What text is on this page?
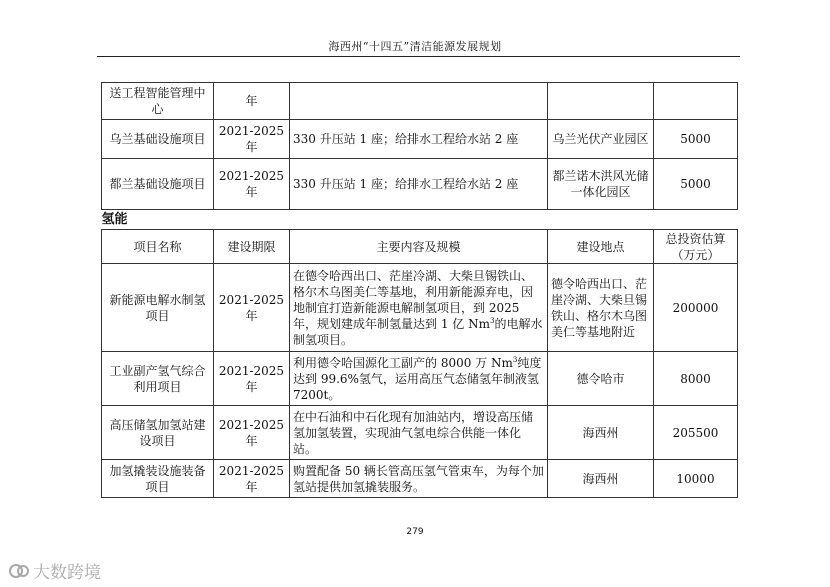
海西州“十四五”清洁能源发展规划
送工程智能管理中心	年			
乌兰基础设施项目	2021-2025年	330 升压站 1 座；给排水工程给水站 2 座	乌兰光伏产业园区	5000
都兰基础设施项目	2021-2025年	330 升压站 1 座；给排水工程给水站 2 座	都兰诺木洪风光储一体化园区	5000
氢能				
项目名称	建设期限	主要内容及规模	建设地点	总投资估算（万元）
新能源电解水制氢项目	2021-2025年	在德令哈西出口、茫崖冷湖、大柴旦锡铁山、格尔木乌图美仁等基地，利用新能源弃电，因地制宜打造新能源电解制氢项目，到 2025 年，规划建成年制氢量达到 1 亿 Nm$^3$的电解水制氢项目。	德令哈西出口、茫崖冷湖、大柴旦锡铁山、格尔木乌图美仁等基地附近	200000
工业副产氢气综合利用项目	2021-2025年	利用德令哈国源化工副产的 8000 万 Nm$^3$纯度达到 99.6%氢气，运用高压气态储氢年制液氢 7200t。	德令哈市	8000
高压储氢加氢站建设项目	2021-2025年	在中石油和中石化现有加油站内，增设高压储氢加氢装置，实现油气氢电综合供能一体化站。	海西州	205500
加氢撬装设施装备项目	2021-2025年	购置配备 50 辆长管高压氢气管束车，为每个加氢站提供加氢撬装服务。	海西州	10000
279
大数跨境
